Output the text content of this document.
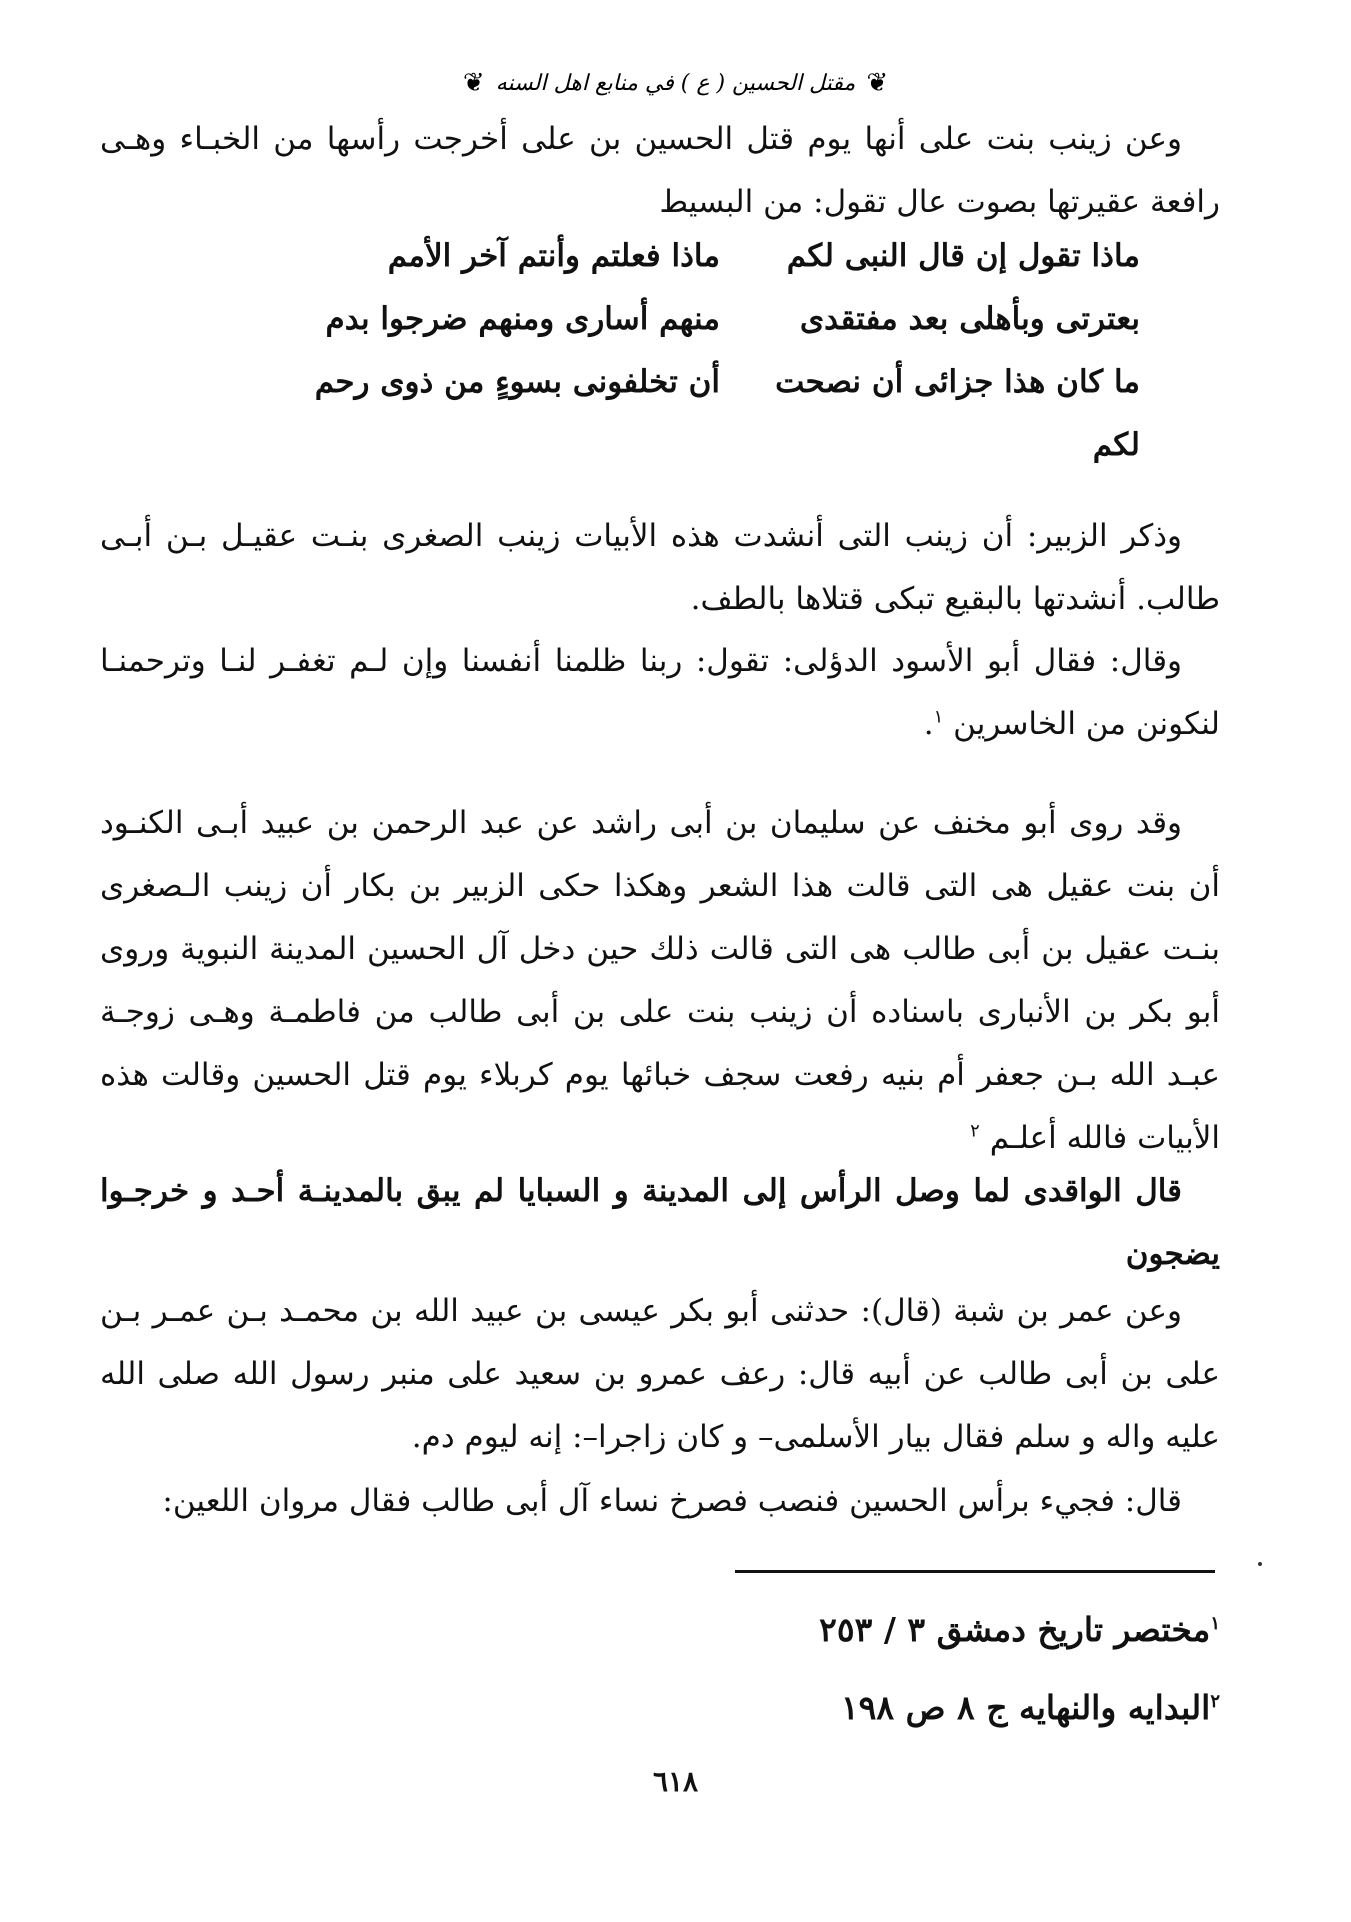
❦ مقتل الحسين ( ع ) في منابع اهل السنه ❦

وعن زينب بنت على أنها يوم قتل الحسين بن على أخرجت رأسها من الخبـاء وهـى رافعة عقيرتها بصوت عال تقول: من البسيط

ماذا تقول إن قال النبى لكم
ماذا فعلتم وأنتم آخر الأمم
بعترتى وبأهلى بعد مفتقدى
منهم أسارى ومنهم ضرجوا بدم
ما كان هذا جزائى أن نصحت لكم
أن تخلفونى بسوءٍ من ذوى رحم

وذكر الزبير: أن زينب التى أنشدت هذه الأبيات زينب الصغرى بنـت عقيـل بـن أبـى طالب. أنشدتها بالبقيع تبكى قتلاها بالطف.

وقال: فقال أبو الأسود الدؤلى: تقول: ربنا ظلمنا أنفسنا وإن لـم تغفـر لنـا وترحمنـا لنكونن من الخاسرين $^١$.

وقد روى أبو مخنف عن سليمان بن أبى راشد عن عبد الرحمن بن عبيد أبـى الكنـود أن بنت عقيل هى التى قالت هذا الشعر وهكذا حكى الزبير بن بكار أن زينب الـصغرى بنـت عقيل بن أبى طالب هى التى قالت ذلك حين دخل آل الحسين المدينة النبوية وروى أبو بكر بن الأنبارى باسناده أن زينب بنت على بن أبى طالب من فاطمـة وهـى زوجـة عبـد الله بـن جعفر أم بنيه رفعت سجف خبائها يوم كربلاء يوم قتل الحسين وقالت هذه الأبيات فالله أعلـم $^٢$

قال الواقدى لما وصل الرأس إلى المدينة و السبايا لم يبق بالمدينـة أحـد و خرجـوا يضجون

وعن عمر بن شبة (قال): حدثنى أبو بكر عيسى بن عبيد الله بن محمـد بـن عمـر بـن على بن أبى طالب عن أبيه قال: رعف عمرو بن سعيد على منبر رسول الله صلى الله عليه واله و سلم فقال بيار الأسلمى– و كان زاجرا–: إنه ليوم دم.

قال: فجيء برأس الحسين فنصب فصرخ نساء آل أبى طالب فقال مروان اللعين:

$^١$مختصر تاريخ دمشق ٣ / ٢٥٣

$^٢$البدايه والنهايه ج ٨ ص ١٩٨

٦١٨
